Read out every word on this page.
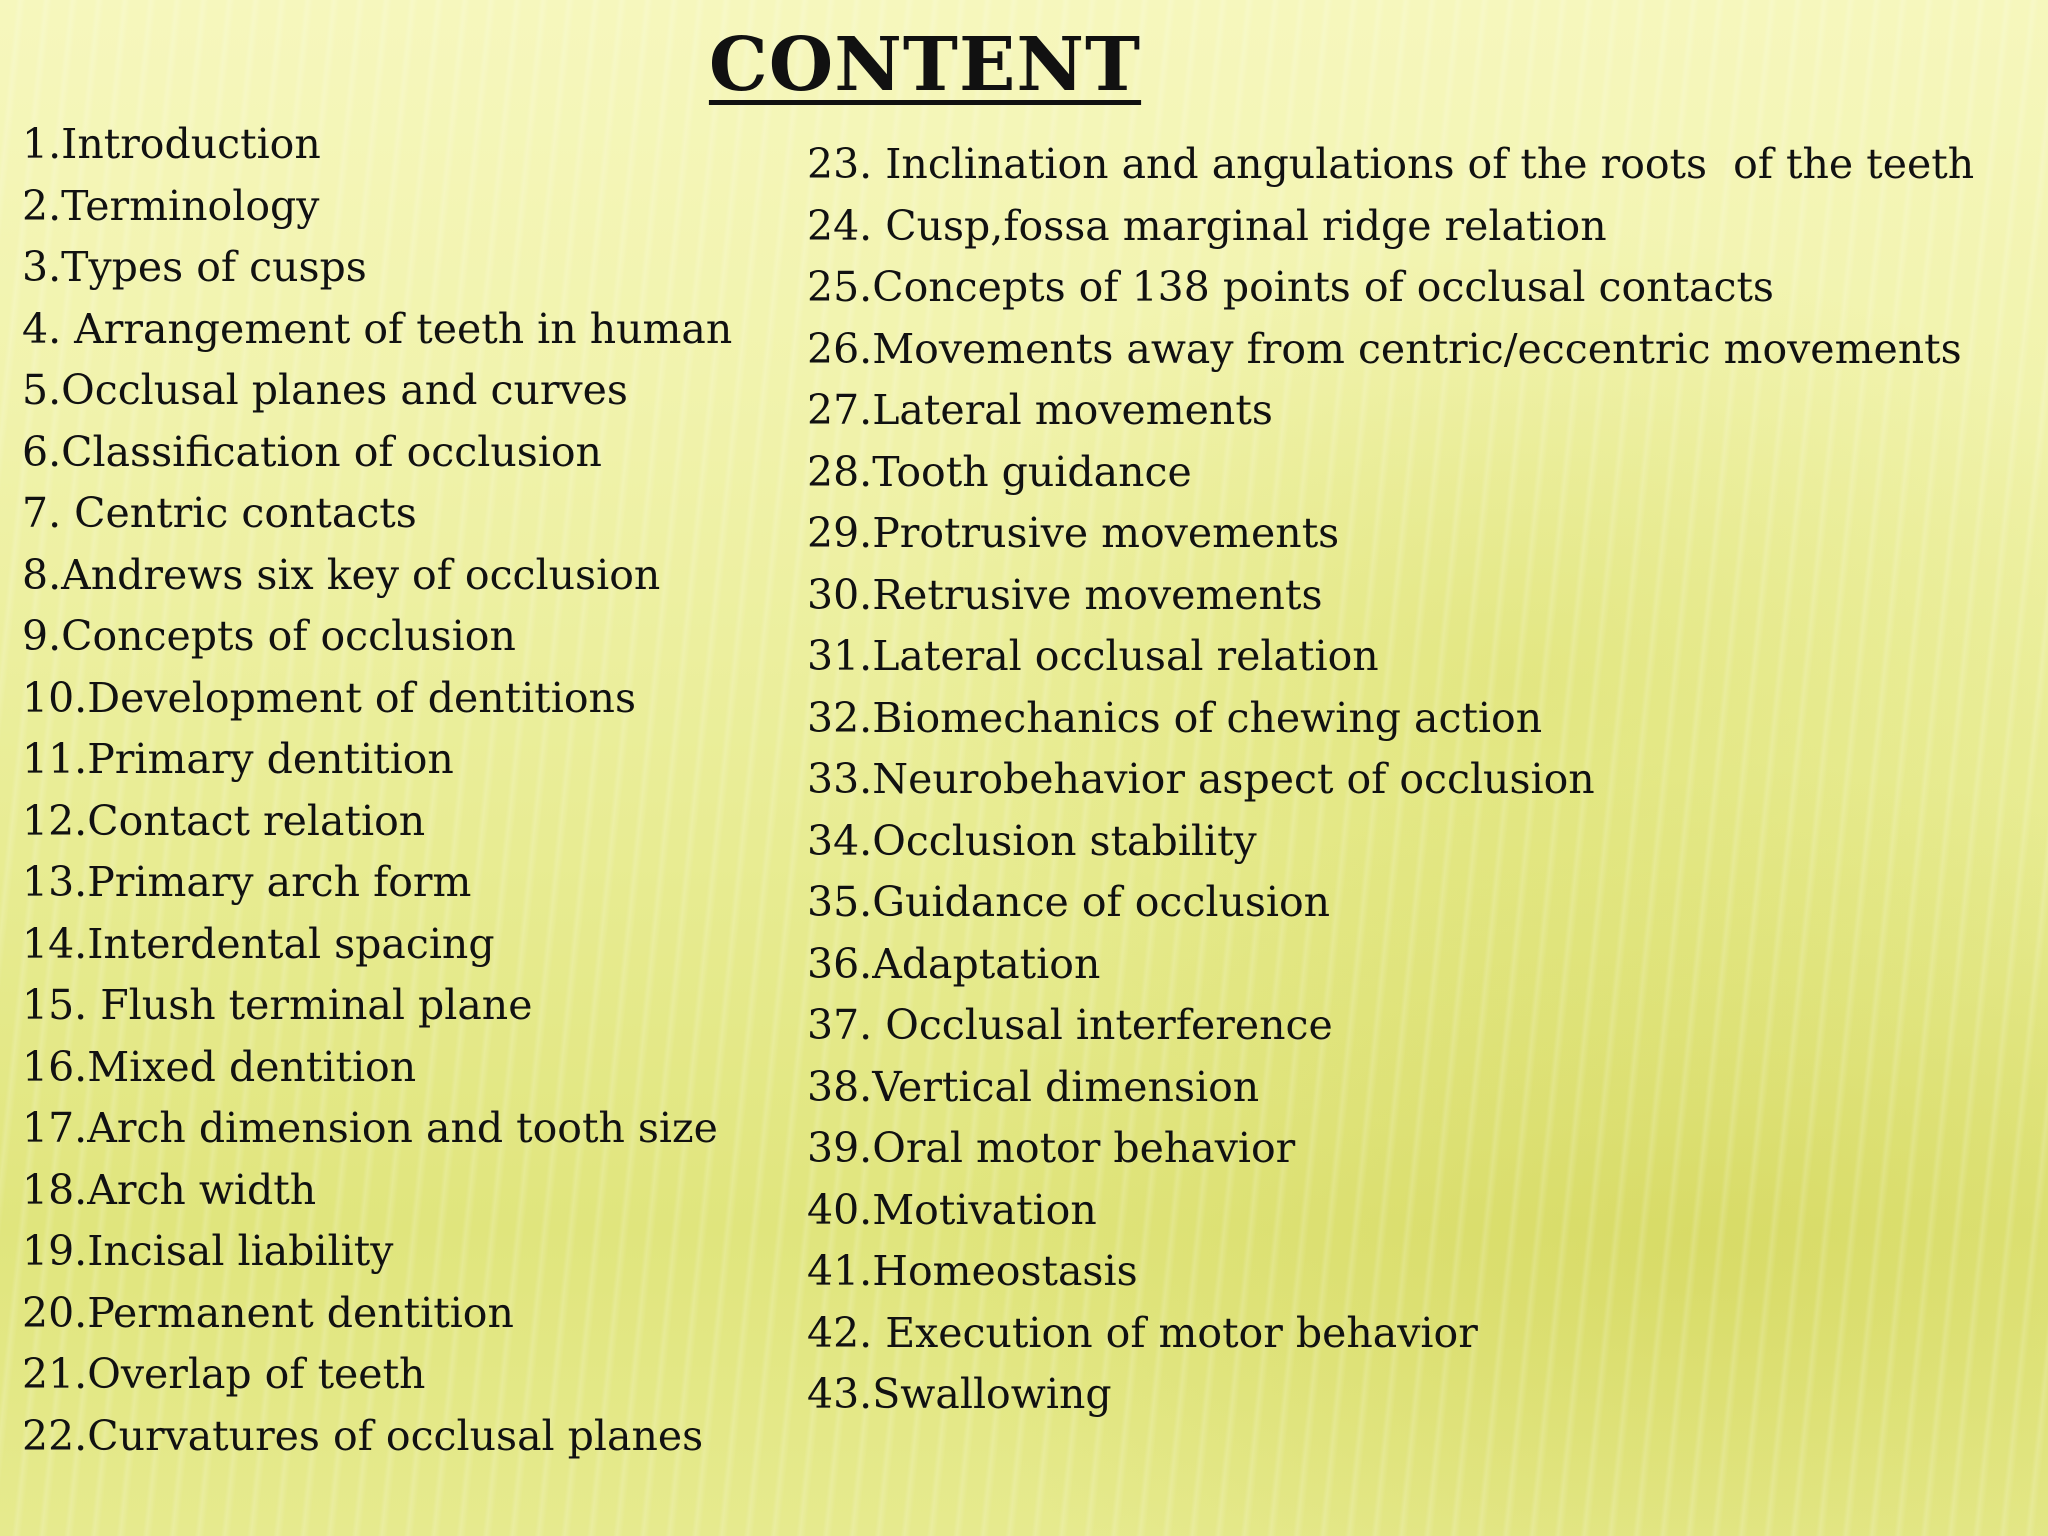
CONTENT
1.Introduction
2.Terminology
3.Types of cusps
4. Arrangement of teeth in human
5.Occlusal planes and curves
6.Classification of occlusion
7. Centric contacts
8.Andrews six key of occlusion
9.Concepts of occlusion
10.Development of dentitions
11.Primary dentition
12.Contact relation
13.Primary arch form
14.Interdental spacing
15. Flush terminal plane
16.Mixed dentition
17.Arch dimension and tooth size
18.Arch width
19.Incisal liability
20.Permanent dentition
21.Overlap of teeth
22.Curvatures of occlusal planes
23. Inclination and angulations of the roots  of the teeth
24. Cusp,fossa marginal ridge relation
25.Concepts of 138 points of occlusal contacts
26.Movements away from centric/eccentric movements
27.Lateral movements
28.Tooth guidance
29.Protrusive movements
30.Retrusive movements
31.Lateral occlusal relation
32.Biomechanics of chewing action
33.Neurobehavior aspect of occlusion
34.Occlusion stability
35.Guidance of occlusion
36.Adaptation
37. Occlusal interference
38.Vertical dimension
39.Oral motor behavior
40.Motivation
41.Homeostasis
42. Execution of motor behavior
43.Swallowing
